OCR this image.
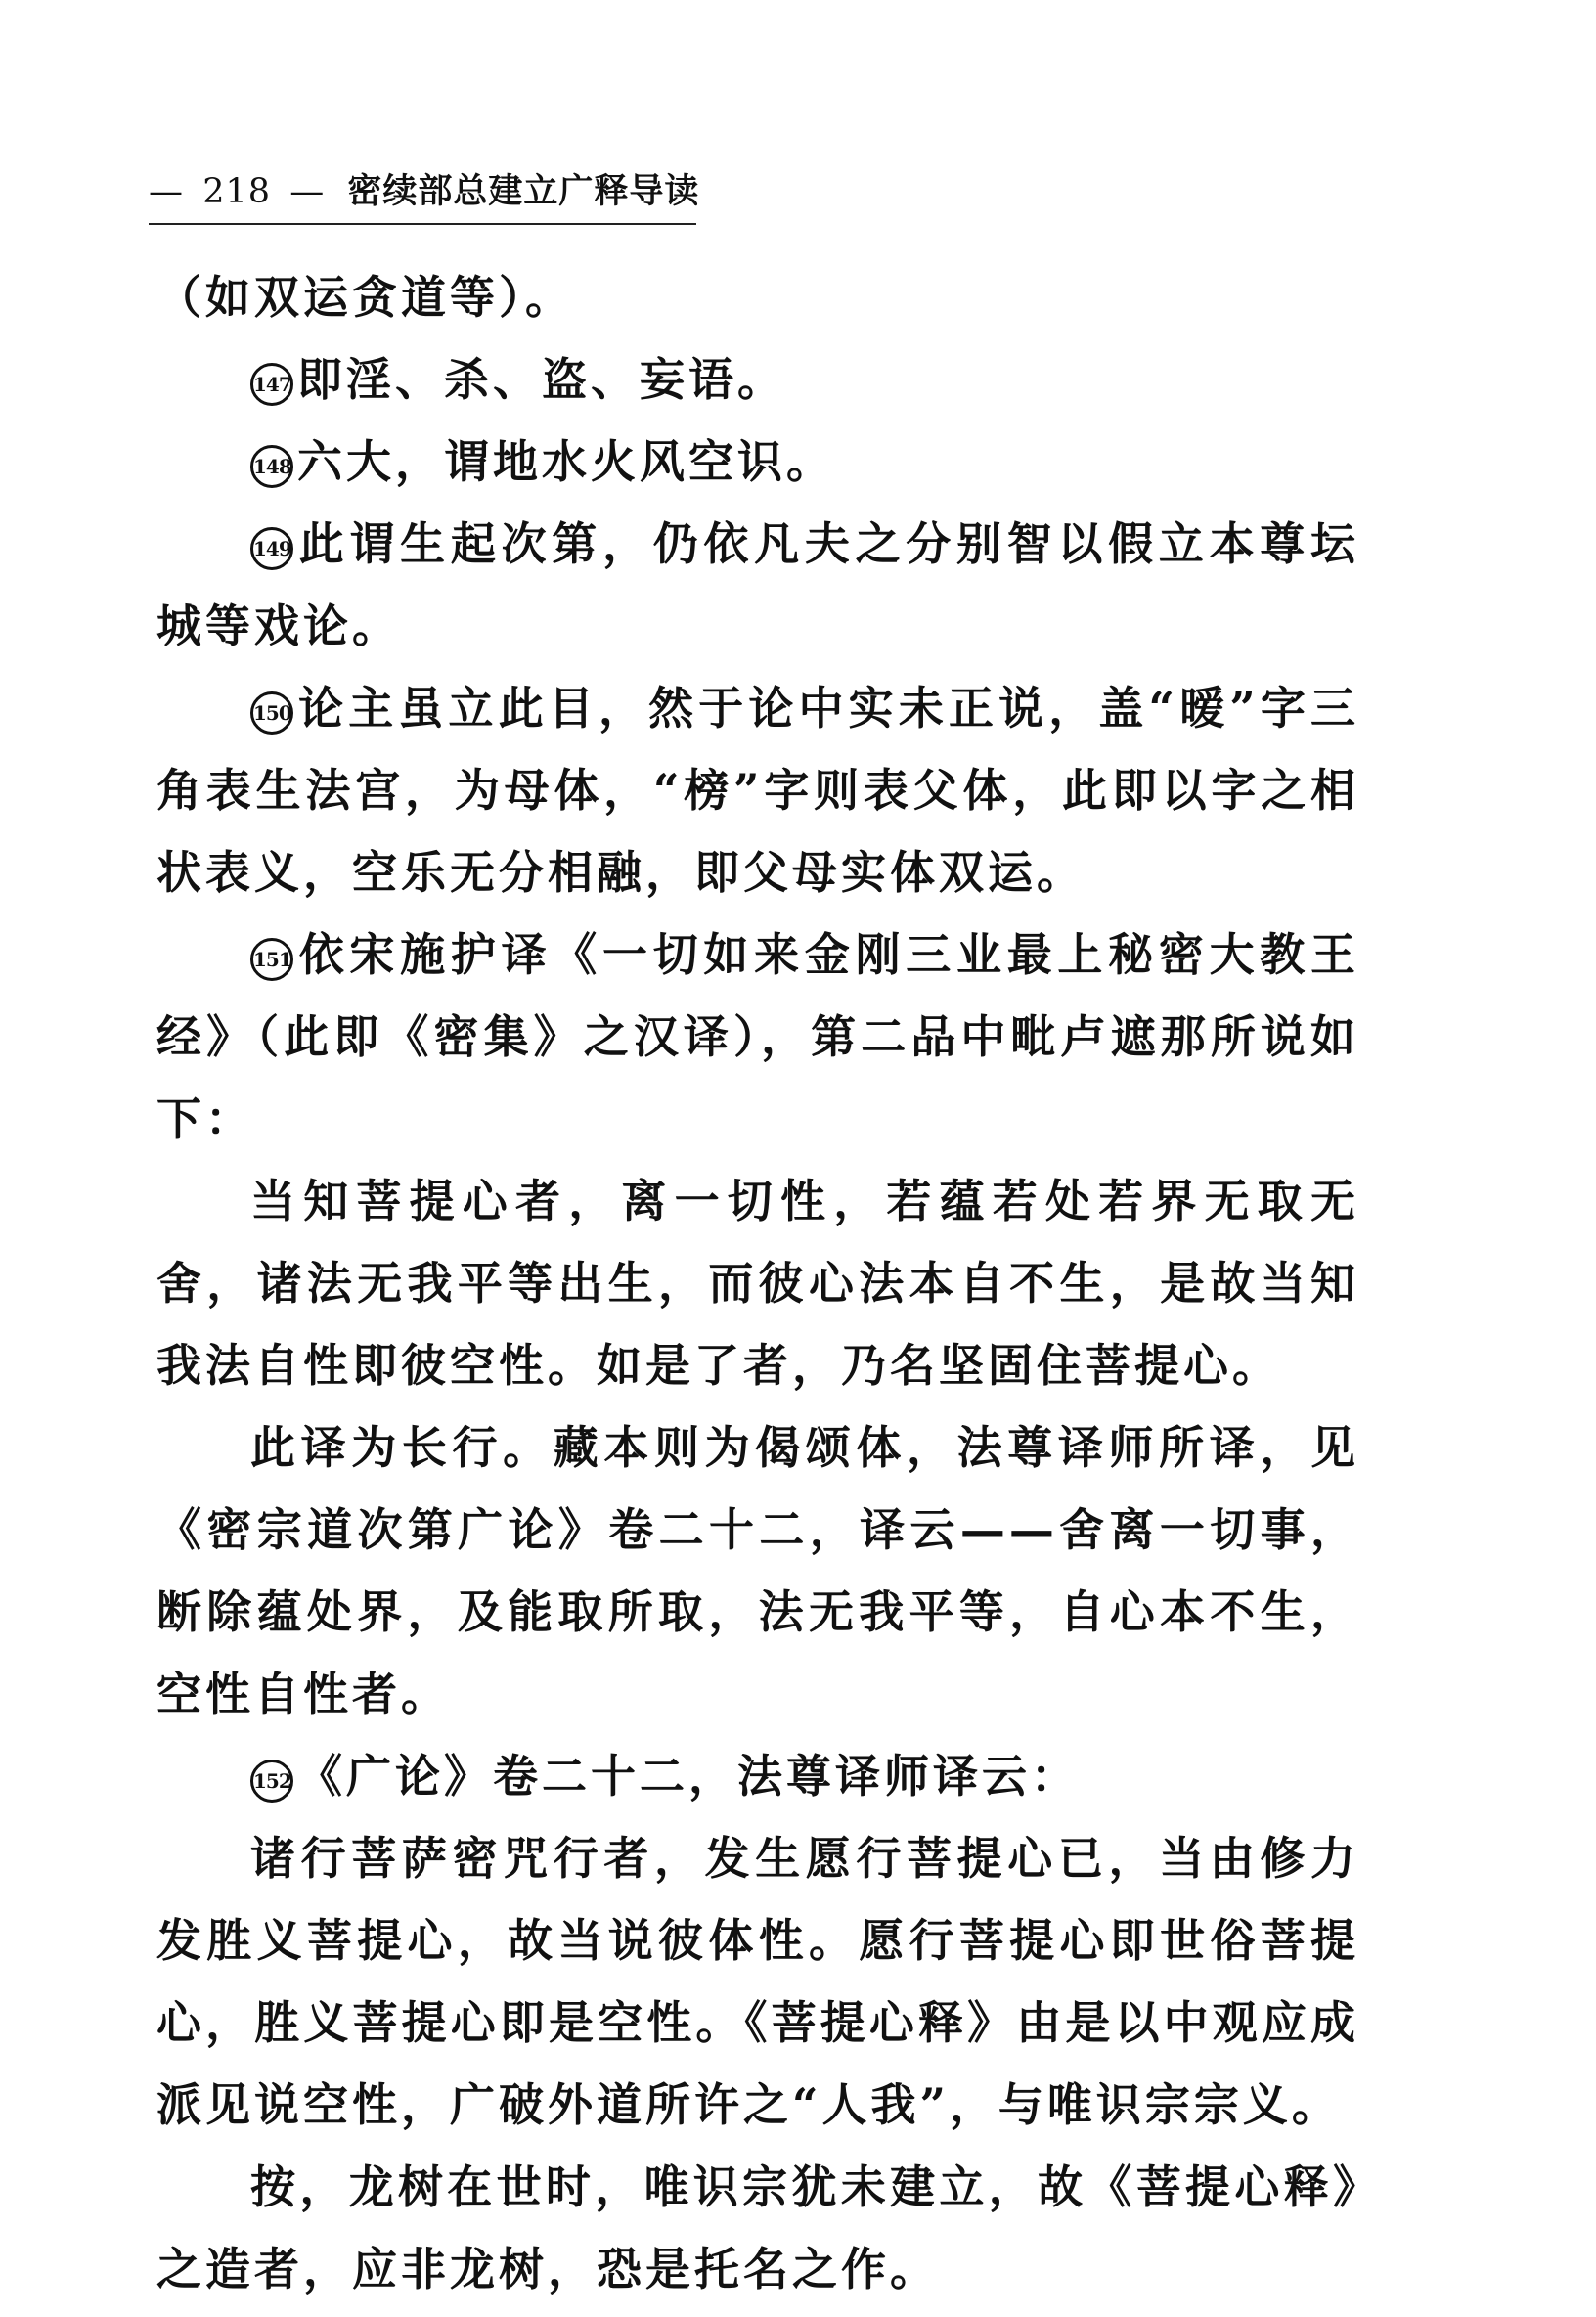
— 218 — 密续部总建立广释导读

（如双运贪道等）。

147 即淫、杀、盗、妄语。

148 六大，谓地水火风空识。

149 此谓生起次第，仍依凡夫之分别智以假立本尊坛城等戏论。

150 论主虽立此目，然于论中实未正说，盖“暧”字三角表生法宫，为母体，“榜”字则表父体，此即以字之相状表义，空乐无分相融，即父母实体双运。

151 依宋施护译《一切如来金刚三业最上秘密大教王经》（此即《密集》之汉译），第二品中毗卢遮那所说如下：

当知菩提心者，离一切性，若蕴若处若界无取无舍，诸法无我平等出生，而彼心法本自不生，是故当知我法自性即彼空性。如是了者，乃名坚固住菩提心。

此译为长行。藏本则为偈颂体，法尊译师所译，见《密宗道次第广论》卷二十二，译云——舍离一切事，断除蕴处界，及能取所取，法无我平等，自心本不生，空性自性者。

152 《广论》卷二十二，法尊译师译云：

诸行菩萨密咒行者，发生愿行菩提心已，当由修力发胜义菩提心，故当说彼体性。愿行菩提心即世俗菩提心，胜义菩提心即是空性。《菩提心释》由是以中观应成派见说空性，广破外道所许之“人我”，与唯识宗宗义。

按，龙树在世时，唯识宗犹未建立，故《菩提心释》之造者，应非龙树，恐是托名之作。
